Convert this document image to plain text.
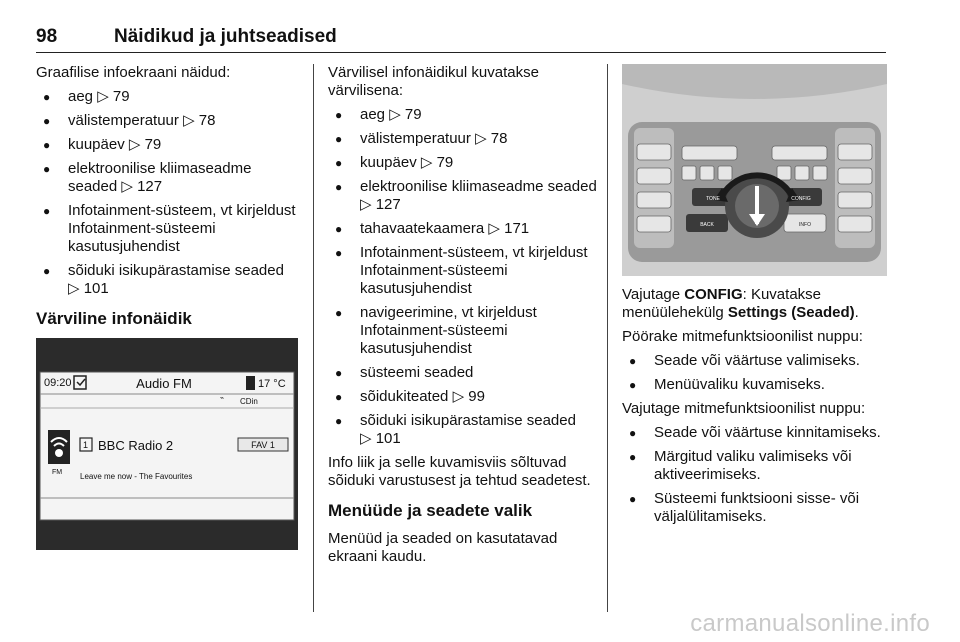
98	Näidikud ja juhtseadised

Graafilise infoekraani näidud:

● aeg ▷ 79
● välistemperatuur ▷ 78
● kuupäev ▷ 79
● elektroonilise kliimaseadme seaded ▷ 127
● Infotainment-süsteem, vt kirjeldust Infotainment-süsteemi kasutusjuhendist
● sõiduki isikupärastamise seaded ▷ 101
Värviline infonäidik
⌁
09:20	Audio FM	17 °C
CDin
1 BBC Radio 2	FAV 1
FM Leave me now - The Favourites

Värvilisel infonäidikul kuvatakse värvilisena:

● aeg ▷ 79
● välistemperatuur ▷ 78
● kuupäev ▷ 79
● elektroonilise kliimaseadme seaded ▷ 127
● tahavaatekaamera ▷ 171
● Infotainment-süsteem, vt kirjeldust Infotainment-süsteemi kasutusjuhendist
● navigeerimine, vt kirjeldust Infotainment-süsteemi kasutusjuhendist
● süsteemi seaded
● sõidukiteated ▷ 99
● sõiduki isikupärastamise seaded ▷ 101

Info liik ja selle kuvamisviis sõltuvad sõiduki varustusest ja tehtud seadetest.

Menüüde ja seadete valik

Menüüd ja seaded on kasutatavad ekraani kaudu.

TONE
BACK
CONFIG
INFO

Vajutage CONFIG: Kuvatakse menüülehekülg Settings (Seaded).

Pöörake mitmefunktsioonilist nuppu:

● Seade või väärtuse valimiseks.
● Menüüvaliku kuvamiseks.

Vajutage mitmefunktsioonilist nuppu:

● Seade või väärtuse kinnitamiseks.
● Märgitud valiku valimiseks või aktiveerimiseks.
● Süsteemi funktsiooni sisse- või väljalülitamiseks.
carmanualsonline.info
